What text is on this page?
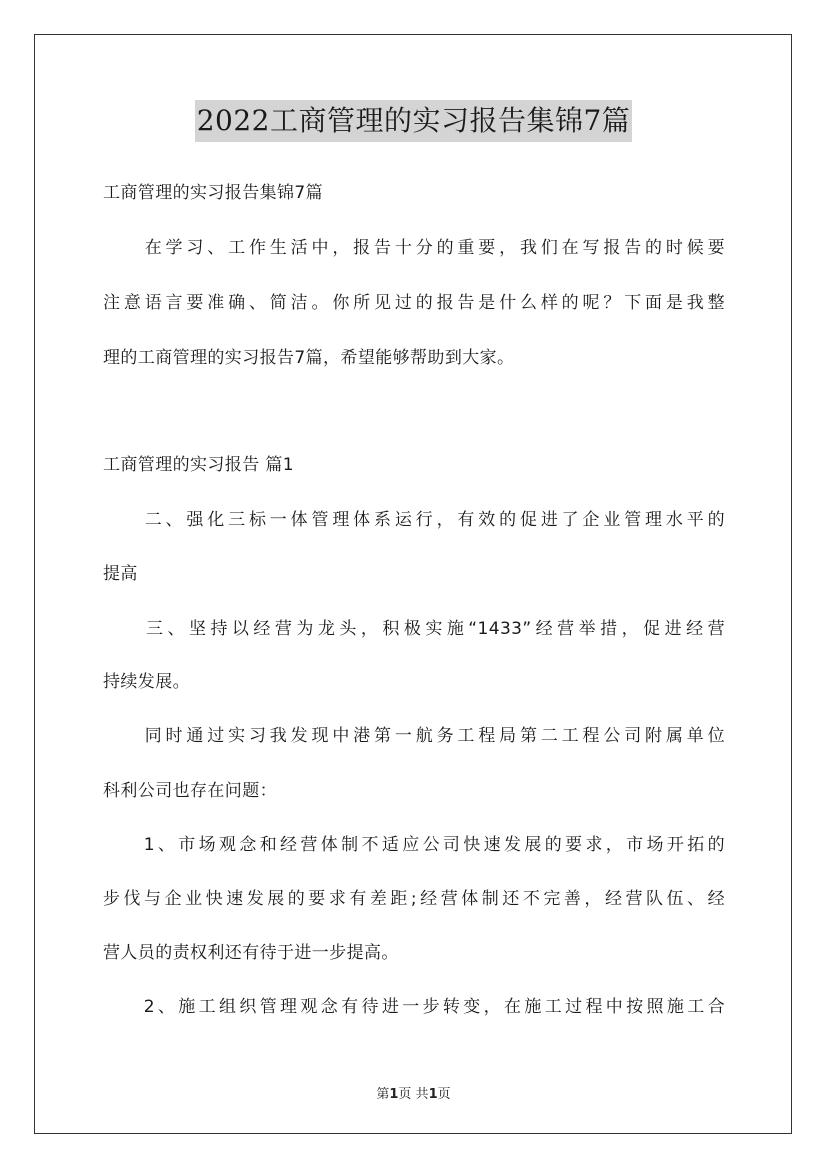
2022工商管理的实习报告集锦7篇
工商管理的实习报告集锦7篇
　　在学习、工作生活中，报告十分的重要，我们在写报告的时候要
注意语言要准确、简洁。你所见过的报告是什么样的呢？下面是我整
理的工商管理的实习报告7篇，希望能够帮助到大家。
工商管理的实习报告 篇1
　　二、强化三标一体管理体系运行，有效的促进了企业管理水平的
提高
　　三、坚持以经营为龙头，积极实施“1433”经营举措，促进经营
持续发展。
　　同时通过实习我发现中港第一航务工程局第二工程公司附属单位
科利公司也存在问题：
　　1、市场观念和经营体制不适应公司快速发展的要求，市场开拓的
步伐与企业快速发展的要求有差距;经营体制还不完善，经营队伍、经
营人员的责权利还有待于进一步提高。
　　2、施工组织管理观念有待进一步转变，在施工过程中按照施工合
第1页 共1页
